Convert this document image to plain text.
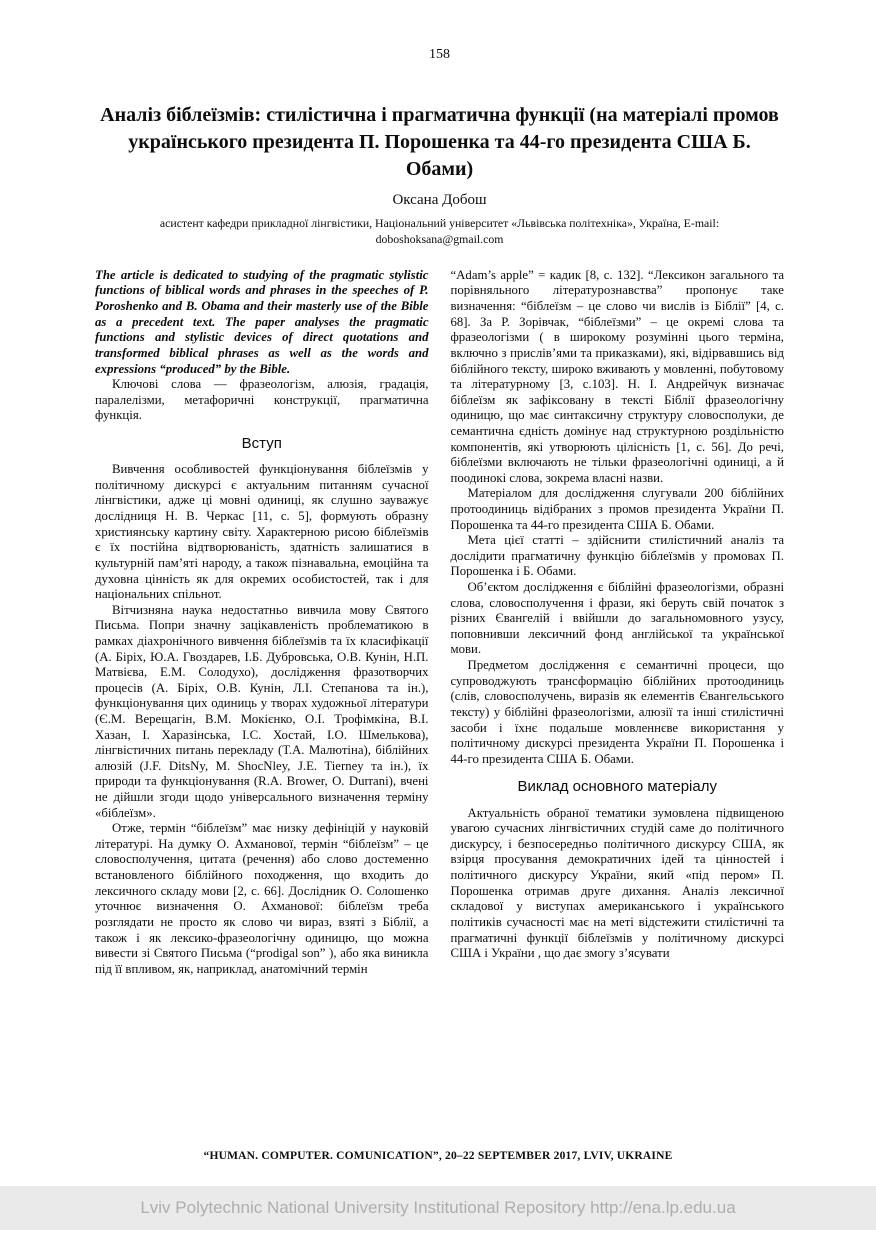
158
Аналіз біблеїзмів: стилістична і прагматична функції (на матеріалі промов українського президента П. Порошенка та 44-го президента США Б. Обами)
Оксана Добош
асистент кафедри прикладної лінгвістики, Національний університет «Львівська політехніка», Україна, E-mail: doboshoksana@gmail.com

The article is dedicated to studying of the pragmatic stylistic functions of biblical words and phrases in the speeches of P. Poroshenko and B. Obama and their masterly use of the Bible as a precedent text. The paper analyses the pragmatic functions and stylistic devices of direct quotations and transformed biblical phrases as well as the words and expressions “produced” by the Bible.

Ключові слова — фразеологізм, алюзія, градація, паралелізми, метафоричні конструкції, прагматична функція.

Вступ

Вивчення особливостей функціонування біблеїзмів у політичному дискурсі є актуальним питанням сучасної лінгвістики, адже ці мовні одиниці, як слушно зауважує дослідниця Н. В. Черкас [11, с. 5], формують образну християнську картину світу. Характерною рисою біблеїзмів є їх постійна відтворюваність, здатність залишатися в культурній пам’яті народу, а також пізнавальна, емоційна та духовна цінність як для окремих особистостей, так і для національних спільнот.

Вітчизняна наука недостатньо вивчила мову Святого Письма. Попри значну зацікавленість проблематикою в рамках діахронічного вивчення біблеїзмів та їх класифікації (А. Біріх, Ю.А. Гвоздарев, І.Б. Дубровська, О.В. Кунін, Н.П. Матвієва, Е.М. Солодухо), дослідження фразотворчих процесів (А. Біріх, О.В. Кунін, Л.І. Степанова та ін.), функціонування цих одиниць у творах художньої літератури (Є.М. Верещагін, В.М. Мокієнко, О.І. Трофімкіна, В.І. Хазан, І. Харазінська, І.С. Хостай, І.О. Шмелькова), лінгвістичних питань перекладу (Т.А. Малютіна), біблійних алюзій (J.F. DitsNy, M. ShocNley, J.E. Tierney та ін.), їх природи та функціонування (R.A. Brower, O. Durrani), вчені не дійшли згоди щодо універсального визначення терміну «біблеїзм».

Отже, термін “біблеїзм” має низку дефініцій у науковій літературі. На думку О. Ахманової, термін “біблеїзм” – це словосполучення, цитата (речення) або слово достеменно встановленого біблійного походження, що входить до лексичного складу мови [2, с. 66]. Дослідник О. Солошенко уточнює визначення О. Ахманової: біблеїзм треба розглядати не просто як слово чи вираз, взяті з Біблії, а також і як лексико-фразеологічну одиницю, що можна вивести зі Святого Письма (“prodigal son” ), або яка виникла під її впливом, як, наприклад, анатомічний термін

“Adam’s apple” = кадик [8, с. 132]. “Лексикон загального та порівняльного літературознавства” пропонує таке визначення: “біблеїзм – це слово чи вислів із Біблії” [4, с. 68]. За Р. Зорівчак, “біблеїзми” – це окремі слова та фразеологізми ( в широкому розумінні цього терміна, включно з прислів’ями та приказками), які, відірвавшись від біблійного тексту, широко вживають у мовленні, побутовому та літературному [3, с.103]. Н. І. Андрейчук визначає біблеїзм як зафіксовану в тексті Біблії фразеологічну одиницю, що має синтаксичну структуру словосполуки, де семантична єдність домінує над структурною роздільністю компонентів, які утворюють цілісність [1, с. 56]. До речі, біблеїзми включають не тільки фразеологічні одиниці, а й поодинокі слова, зокрема власні назви.

Матеріалом для дослідження слугували 200 біблійних протоодиниць відібраних з промов президента України П. Порошенка та 44-го президента США Б. Обами.

Мета цієї статті – здійснити стилістичний аналіз та дослідити прагматичну функцію біблеїзмів у промовах П. Порошенка і Б. Обами.

Об’єктом дослідження є біблійні фразеологізми, образні слова, словосполучення і фрази, які беруть свій початок з різних Євангелій і ввійшли до загальномовного узусу, поповнивши лексичний фонд англійської та української мови.

Предметом дослідження є семантичні процеси, що супроводжують трансформацію біблійних протоодиниць (слів, словосполучень, виразів як елементів Євангельського тексту) у біблійні фразеологізми, алюзії та інші стилістичні засоби і їхнє подальше мовленнєве використання у політичному дискурсі президента України П. Порошенка і 44-го президента США Б. Обами.

Виклад основного матеріалу

Актуальність обраної тематики зумовлена підвищеною увагою сучасних лінгвістичних студій саме до політичного дискурсу, і безпосередньо політичного дискурсу США, як взірця просування демократичних ідей та цінностей і політичного дискурсу України, який «під пером» П. Порошенка отримав друге дихання. Аналіз лексичної складової у виступах американського і українського політиків сучасності має на меті відстежити стилістичні та прагматичні функції біблеїзмів у політичному дискурсі США і України , що дає змогу з’ясувати

“HUMAN. COMPUTER. COMUNICATION”, 20–22 SEPTEMBER 2017, LVIV, UKRAINE
Lviv Polytechnic National University Institutional Repository http://ena.lp.edu.ua
